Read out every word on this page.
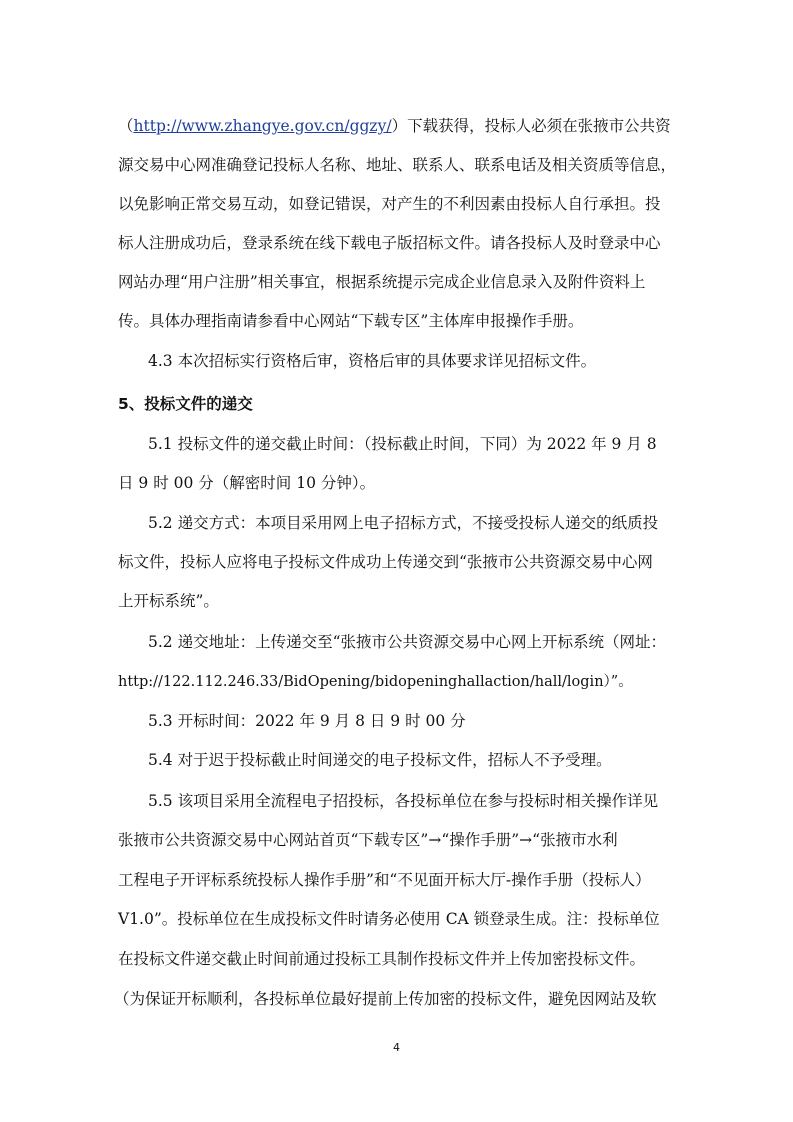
（http://www.zhangye.gov.cn/ggzy/）下载获得，投标人必须在张掖市公共资
源交易中心网准确登记投标人名称、地址、联系人、联系电话及相关资质等信息，
以免影响正常交易互动，如登记错误，对产生的不利因素由投标人自行承担。投
标人注册成功后，登录系统在线下载电子版招标文件。请各投标人及时登录中心
网站办理“用户注册”相关事宜，根据系统提示完成企业信息录入及附件资料上
传。具体办理指南请参看中心网站“下载专区”主体库申报操作手册。
4.3 本次招标实行资格后审，资格后审的具体要求详见招标文件。
5、投标文件的递交
5.1 投标文件的递交截止时间：（投标截止时间，下同）为 2022 年 9 月 8
日 9 时 00 分（解密时间 10 分钟）。
5.2 递交方式：本项目采用网上电子招标方式，不接受投标人递交的纸质投
标文件，投标人应将电子投标文件成功上传递交到“张掖市公共资源交易中心网
上开标系统”。
5.2 递交地址：上传递交至“张掖市公共资源交易中心网上开标系统（网址：
http://122.112.246.33/BidOpening/bidopeninghallaction/hall/login）”。
5.3 开标时间：2022 年 9 月 8 日 9 时 00 分
5.4 对于迟于投标截止时间递交的电子投标文件，招标人不予受理。
5.5 该项目采用全流程电子招投标，各投标单位在参与投标时相关操作详见
张掖市公共资源交易中心网站首页“下载专区”→“操作手册”→“张掖市水利
工程电子开评标系统投标人操作手册”和“不见面开标大厅-操作手册（投标人）
V1.0”。投标单位在生成投标文件时请务必使用 CA 锁登录生成。注：投标单位
在投标文件递交截止时间前通过投标工具制作投标文件并上传加密投标文件。
（为保证开标顺利，各投标单位最好提前上传加密的投标文件，避免因网站及软
4
